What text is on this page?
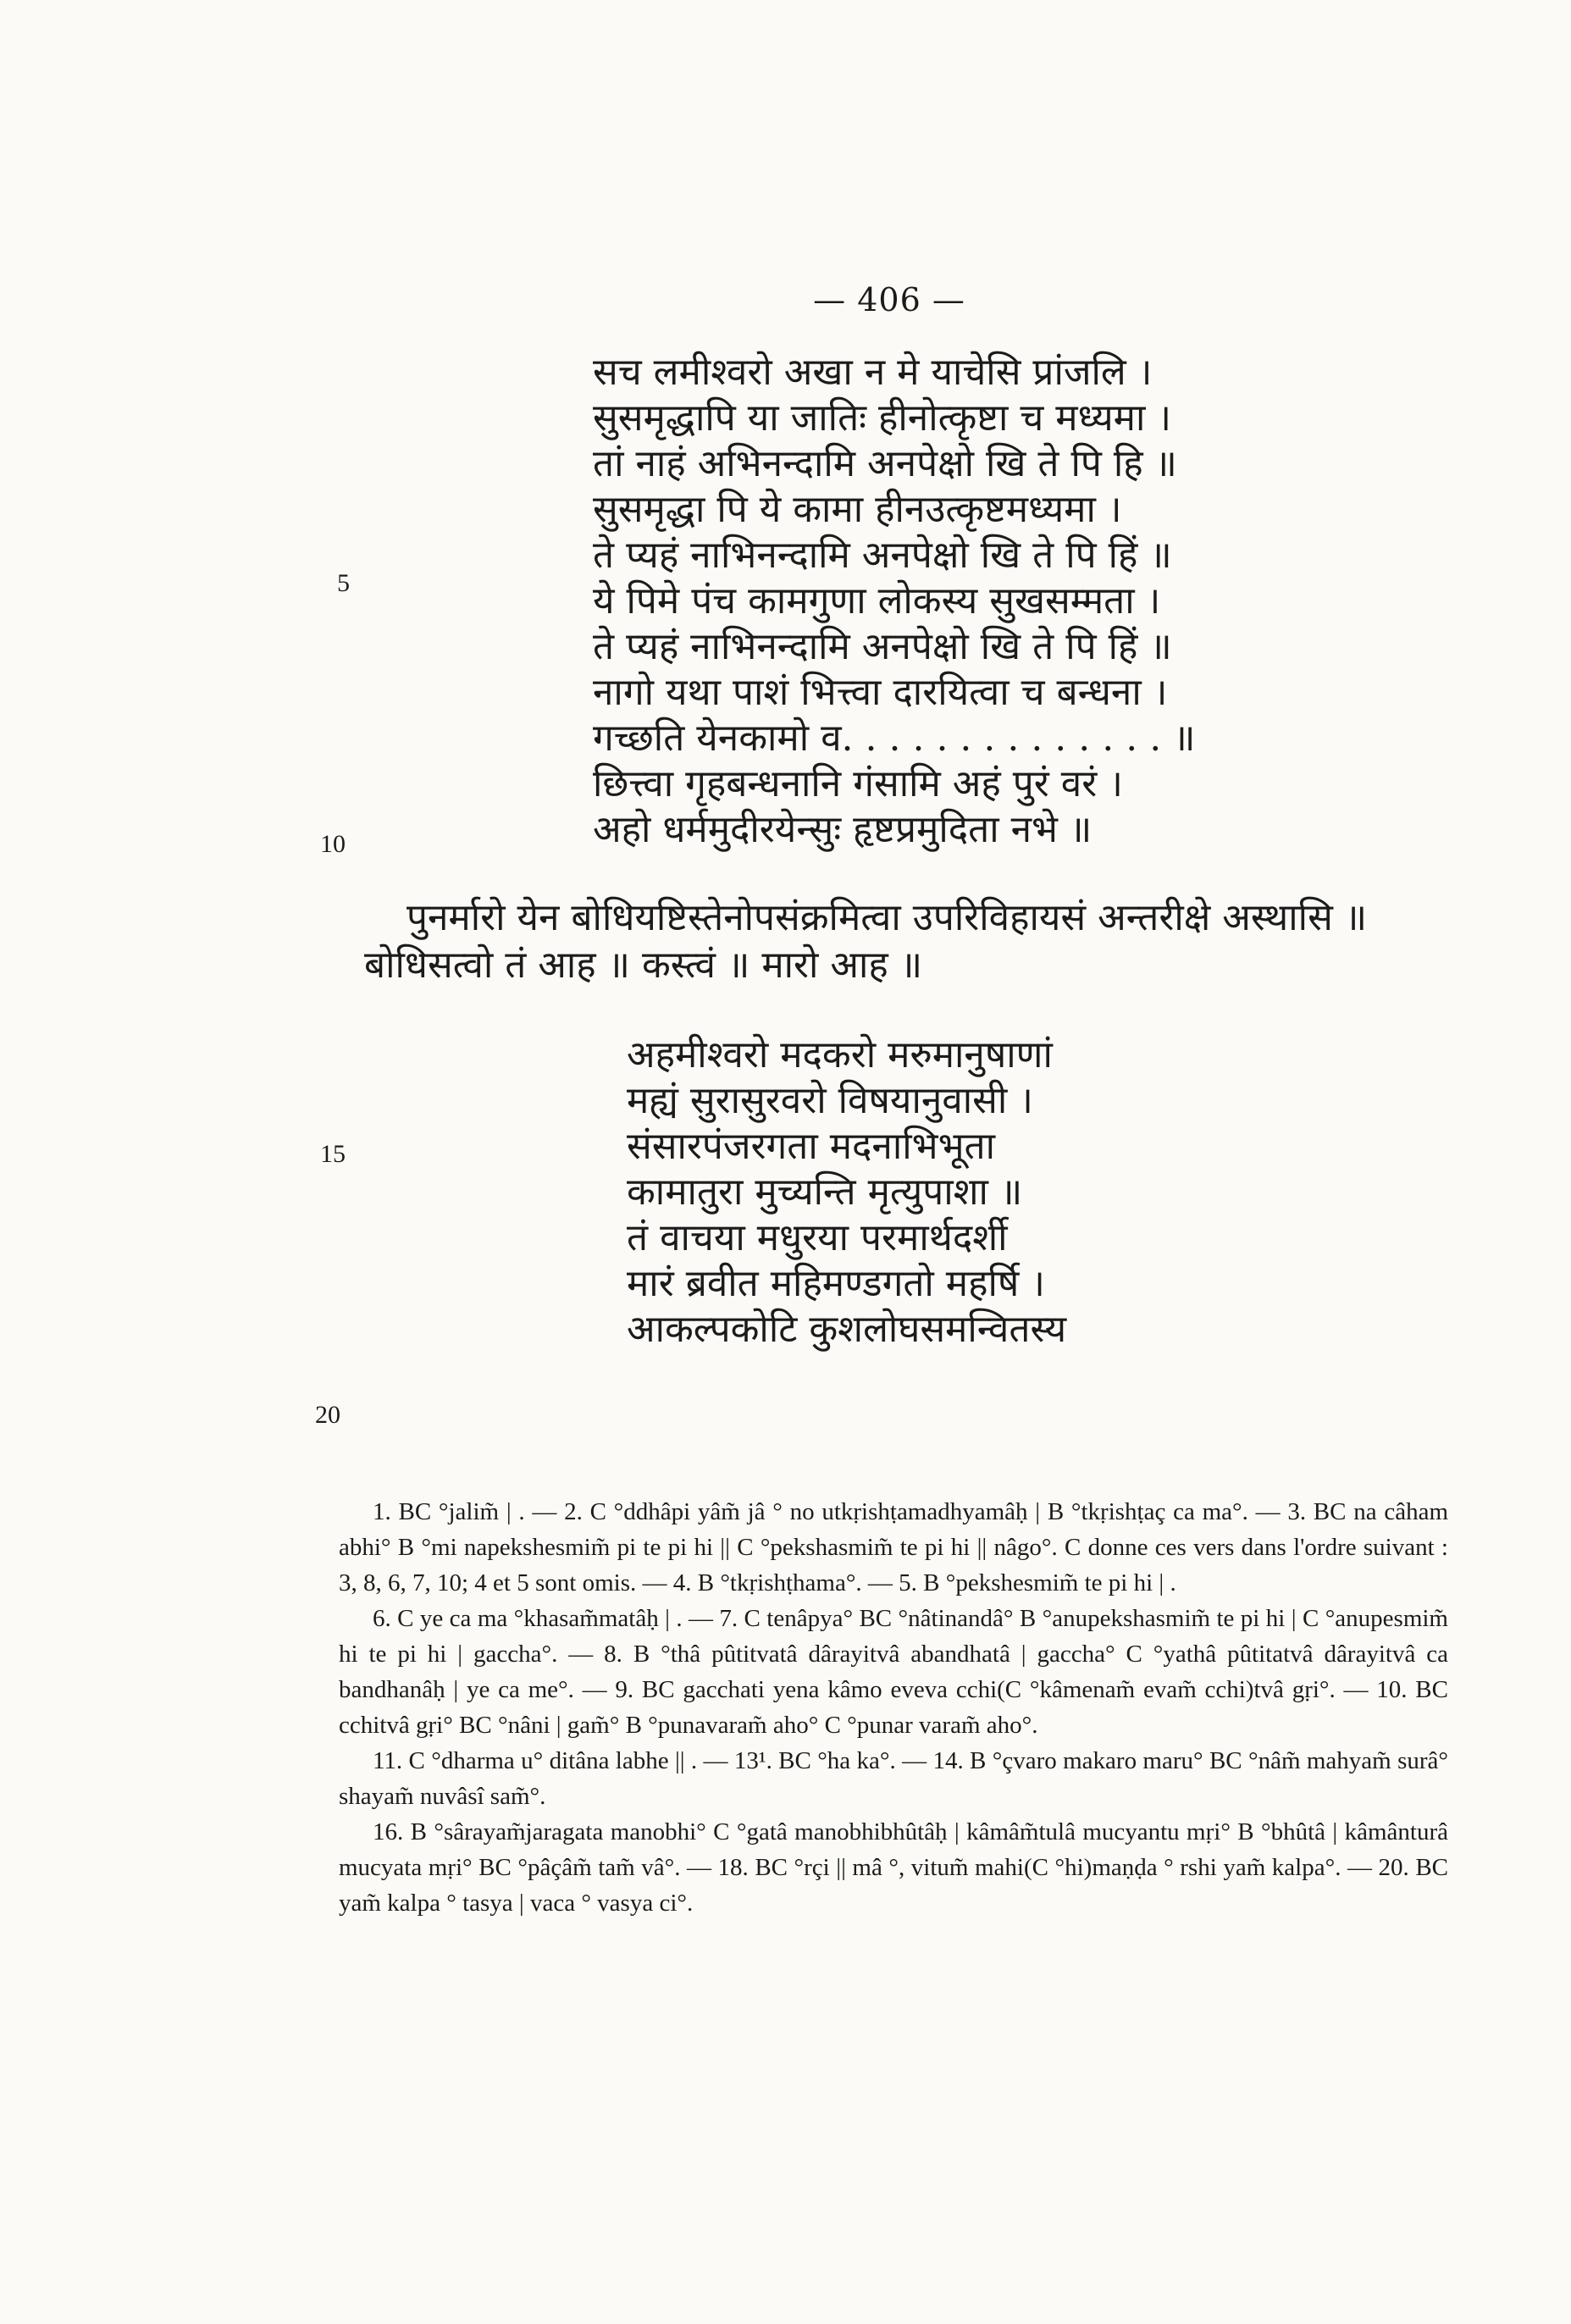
— 406 —
सच लमीश्वरो अखा न मे याचेसि प्रांजलि ।
सुसमृद्धापि या जातिः हीनोत्कृष्टा च मध्यमा ।
तां नाहं अभिनन्दामि अनपेक्षो खि ते पि हि ॥
सुसमृद्धा पि ये कामा हीनउत्कृष्टमध्यमा ।
ते प्यहं नाभिनन्दामि अनपेक्षो खि ते पि हिं ॥
ये पिमे पंच कामगुणा लोकस्य सुखसम्मता ।
ते प्यहं नाभिनन्दामि अनपेक्षो खि ते पि हिं ॥
नागो यथा पाशं भित्त्वा दारयित्वा च बन्धना ।
गच्छति येनकामो व. . . . . . . . . . . . . . ॥
छित्त्वा गृहबन्धनानि गंसामि अहं पुरं वरं ।
अहो धर्ममुदीरयेन्सुः हृष्टप्रमुदिता नभे ॥
पुनर्मारो येन बोधियष्टिस्तेनोपसंक्रमित्वा उपरिविहायसं अन्तरीक्षे अस्थासि ॥
बोधिसत्वो तं आह ॥ कस्त्वं ॥ मारो आह ॥
अहमीश्वरो मदकरो मरुमानुषाणां
मह्यं सुरासुरवरो विषयानुवासी ।
संसारपंजरगता मदनाभिभूता
कामातुरा मुच्यन्ति मृत्युपाशा ॥
तं वाचया मधुरया परमार्थदर्शी
मारं ब्रवीत महिमण्डगतो महर्षि ।
आकल्पकोटि कुशलोघसमन्वितस्य
5
10
15
20

1. BC °jalim̃ | . — 2. C °ddhâpi yâm̃ jâ ° no utkṛishṭamadhyamâḥ | B °tkṛishṭaç ca ma°. — 3. BC na câham abhi° B °mi napekshesmim̃ pi te pi hi || C °pekshasmim̃ te pi hi || nâgo°. C donne ces vers dans l'ordre suivant : 3, 8, 6, 7, 10; 4 et 5 sont omis. — 4. B °tkṛishṭhama°. — 5. B °pekshesmim̃ te pi hi | .

6. C ye ca ma °khasam̃matâḥ | . — 7. C tenâpya° BC °nâtinandâ° B °anupekshasmim̃ te pi hi | C °anupesmim̃ hi te pi hi | gaccha°. — 8. B °thâ pûtitvatâ dârayitvâ abandhatâ | gaccha° C °yathâ pûtitatvâ dârayitvâ ca bandhanâḥ | ye ca me°. — 9. BC gacchati yena kâmo eveva cchi(C °kâmenam̃ evam̃ cchi)tvâ gṛi°. — 10. BC cchitvâ gṛi° BC °nâni | gam̃° B °punavaram̃ aho° C °punar varam̃ aho°.

11. C °dharma u° ditâna labhe || . — 13¹. BC °ha ka°. — 14. B °çvaro makaro maru° BC °nâm̃ mahyam̃ surâ° shayam̃ nuvâsî sam̃°.

16. B °sârayam̃jaragata manobhi° C °gatâ manobhibhûtâḥ | kâmâm̃tulâ mucyantu mṛi° B °bhûtâ | kâmânturâ mucyata mṛi° BC °pâçâm̃ tam̃ vâ°. — 18. BC °rçi || mâ °, vitum̃ mahi(C °hi)maṇḍa ° rshi yam̃ kalpa°. — 20. BC yam̃ kalpa ° tasya | vaca ° vasya ci°.
